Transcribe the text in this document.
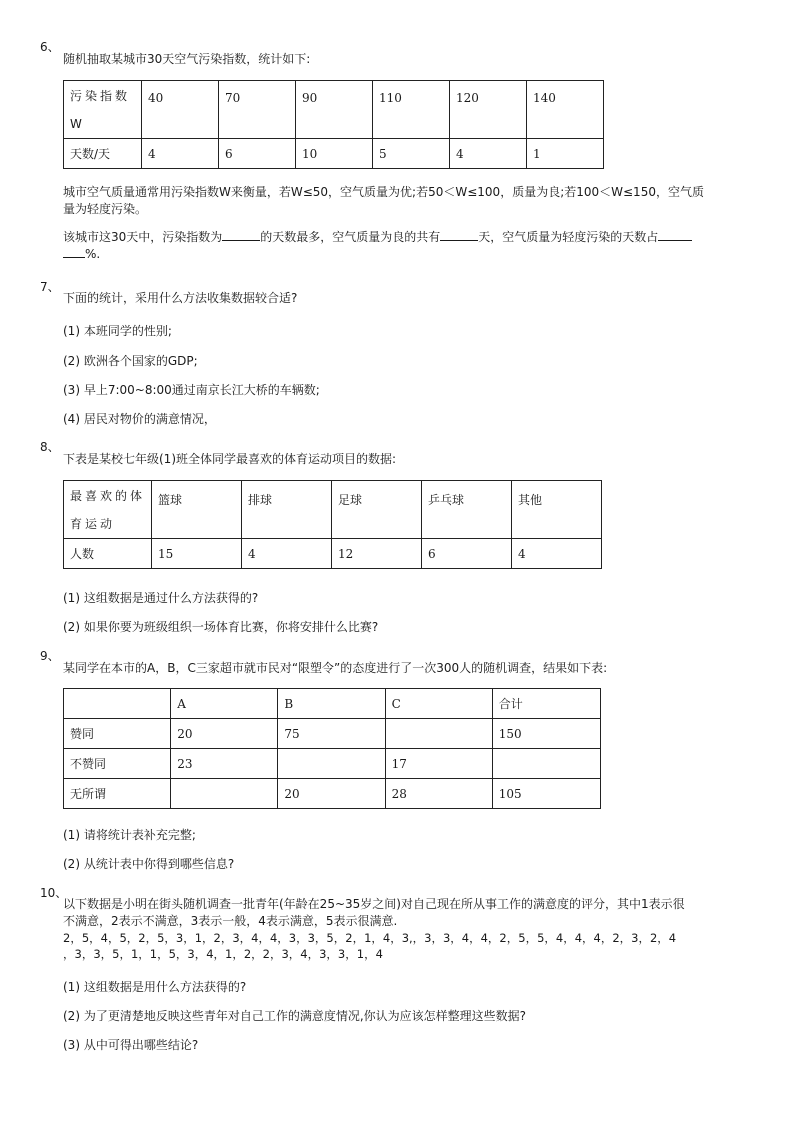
6、
随机抽取某城市30天空气污染指数，统计如下:
污染指数
W	40	70	90	110	120	140
天数/天	4	6	10	5	4	1
城市空气质量通常用污染指数W来衡量，若W≤50，空气质量为优;若50＜W≤100，质量为良;若100＜W≤150，空气质
量为轻度污染。
该城市这30天中，污染指数为	的天数最多，空气质量为良的共有	天，空气质量为轻度污染的天数占
%.
7、
下面的统计，采用什么方法收集数据较合适?
(1) 本班同学的性别;
(2) 欧洲各个国家的GDP;
(3) 早上7:00~8:00通过南京长江大桥的车辆数;
(4) 居民对物价的满意情况，
8、
下表是某校七年级(1)班全体同学最喜欢的体育运动项目的数据:
最喜欢的体
育运动	篮球	排球	足球	乒乓球	其他
人数	15	4	12	6	4
(1) 这组数据是通过什么方法获得的?
(2) 如果你要为班级组织一场体育比赛，你将安排什么比赛?
9、
某同学在本市的A，B，C三家超市就市民对“限塑令”的态度进行了一次300人的随机调查，结果如下表:
	A	B	C	合计
赞同	20	75		150
不赞同	23		17	
无所谓		20	28	105
(1) 请将统计表补充完整;
(2) 从统计表中你得到哪些信息?
10、
以下数据是小明在街头随机调查一批青年(年龄在25~35岁之间)对自己现在所从事工作的满意度的评分，其中1表示很
不满意，2表示不满意，3表示一般，4表示满意，5表示很满意.
2，5，4，5，2，5，3，1，2，3，4，4，3，3，5，2，1，4，3,，3，3，4，4，2，5，5，4，4，4，2，3，2，4
，3，3，5，1，1，5，3，4，1，2，2，3，4，3，3，1，4
(1) 这组数据是用什么方法获得的?
(2) 为了更清楚地反映这些青年对自己工作的满意度情况,你认为应该怎样整理这些数据?
(3) 从中可得出哪些结论?
